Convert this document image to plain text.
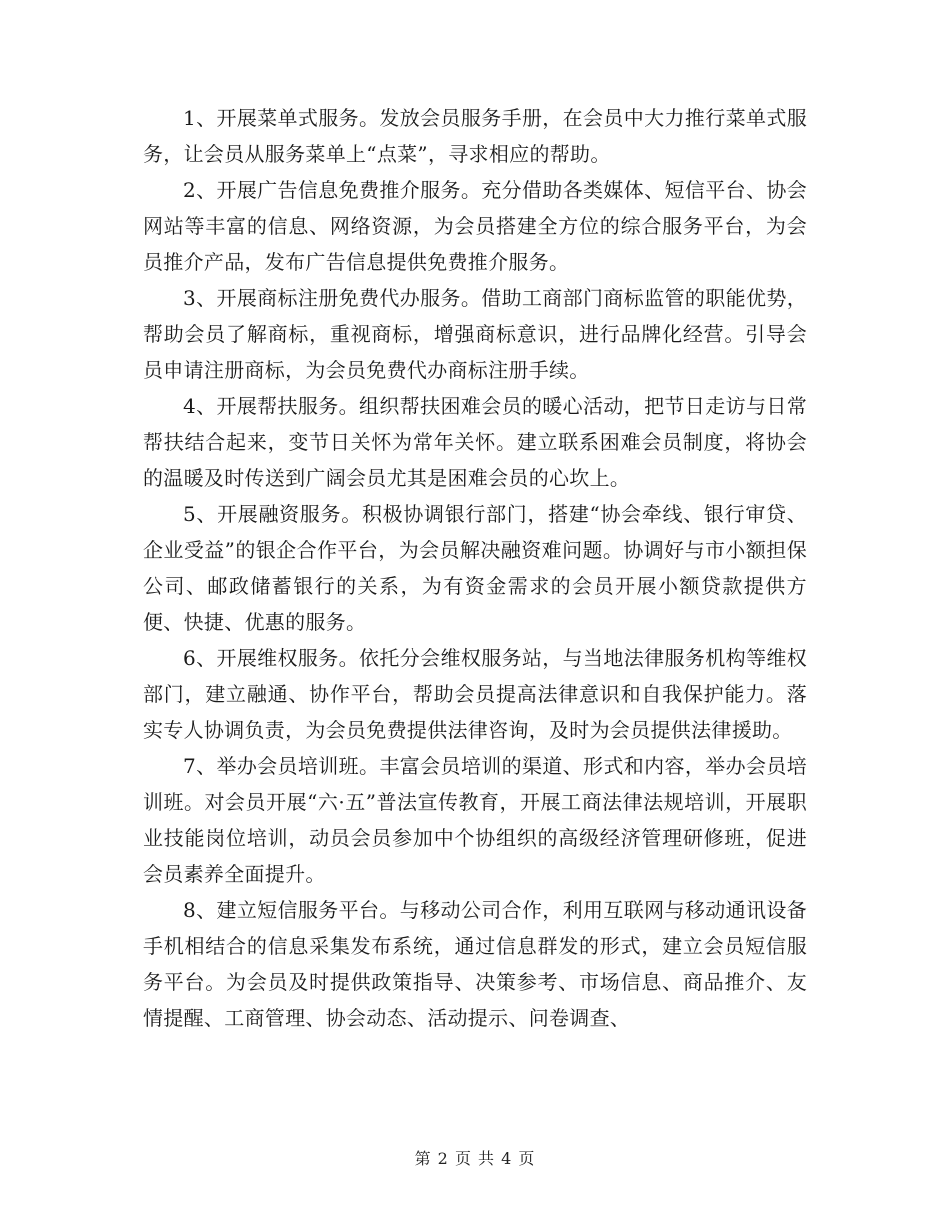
1、开展菜单式服务。发放会员服务手册，在会员中大力推行菜单式服务，让会员从服务菜单上“点菜”，寻求相应的帮助。

2、开展广告信息免费推介服务。充分借助各类媒体、短信平台、协会网站等丰富的信息、网络资源，为会员搭建全方位的综合服务平台，为会员推介产品，发布广告信息提供免费推介服务。

3、开展商标注册免费代办服务。借助工商部门商标监管的职能优势，帮助会员了解商标，重视商标，增强商标意识，进行品牌化经营。引导会员申请注册商标，为会员免费代办商标注册手续。

4、开展帮扶服务。组织帮扶困难会员的暖心活动，把节日走访与日常帮扶结合起来，变节日关怀为常年关怀。建立联系困难会员制度，将协会的温暖及时传送到广阔会员尤其是困难会员的心坎上。

5、开展融资服务。积极协调银行部门，搭建“协会牵线、银行审贷、企业受益”的银企合作平台，为会员解决融资难问题。协调好与市小额担保公司、邮政储蓄银行的关系，为有资金需求的会员开展小额贷款提供方便、快捷、优惠的服务。

6、开展维权服务。依托分会维权服务站，与当地法律服务机构等维权部门，建立融通、协作平台，帮助会员提高法律意识和自我保护能力。落实专人协调负责，为会员免费提供法律咨询，及时为会员提供法律援助。

7、举办会员培训班。丰富会员培训的渠道、形式和内容，举办会员培训班。对会员开展“六·五”普法宣传教育，开展工商法律法规培训，开展职业技能岗位培训，动员会员参加中个协组织的高级经济管理研修班，促进会员素养全面提升。

8、建立短信服务平台。与移动公司合作，利用互联网与移动通讯设备手机相结合的信息采集发布系统，通过信息群发的形式，建立会员短信服务平台。为会员及时提供政策指导、决策参考、市场信息、商品推介、友情提醒、工商管理、协会动态、活动提示、问卷调查、

第 2 页 共 4 页
